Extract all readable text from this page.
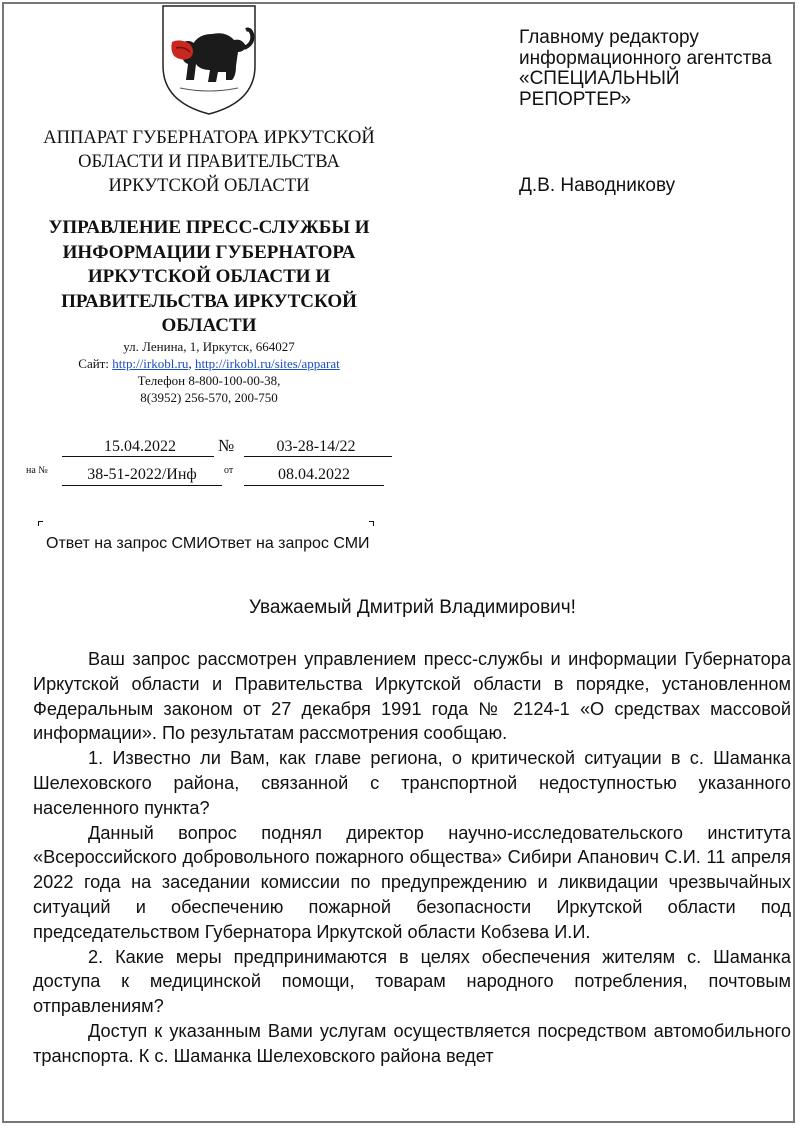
АППАРАТ ГУБЕРНАТОРА ИРКУТСКОЙ ОБЛАСТИ И ПРАВИТЕЛЬСТВА ИРКУТСКОЙ ОБЛАСТИ

УПРАВЛЕНИЕ ПРЕСС-СЛУЖБЫ И ИНФОРМАЦИИ ГУБЕРНАТОРА ИРКУТСКОЙ ОБЛАСТИ И ПРАВИТЕЛЬСТВА ИРКУТСКОЙ ОБЛАСТИ

ул. Ленина, 1, Иркутск, 664027
Сайт: http://irkobl.ru, http://irkobl.ru/sites/apparat
Телефон 8-800-100-00-38,
8(3952) 256-570, 200-750
15.04.2022	№	03-28-14/22
на №	38-51-2022/Инф	от	08.04.2022

Главному редактору информационного агентства «СПЕЦИАЛЬНЫЙ РЕПОРТЕР»

Д.В. Наводникову

Ответ на запрос СМИОтвет на запрос СМИ

Уважаемый Дмитрий Владимирович!

Ваш запрос рассмотрен управлением пресс-службы и информации Губернатора Иркутской области и Правительства Иркутской области в порядке, установленном Федеральным законом от 27 декабря 1991 года № 2124-1 «О средствах массовой информации». По результатам рассмотрения сообщаю.

1. Известно ли Вам, как главе региона, о критической ситуации в с. Шаманка Шелеховского района, связанной с транспортной недоступностью указанного населенного пункта?

Данный вопрос поднял директор научно-исследовательского института «Всероссийского добровольного пожарного общества» Сибири Апанович С.И. 11 апреля 2022 года на заседании комиссии по предупреждению и ликвидации чрезвычайных ситуаций и обеспечению пожарной безопасности Иркутской области под председательством Губернатора Иркутской области Кобзева И.И.

2. Какие меры предпринимаются в целях обеспечения жителям с. Шаманка доступа к медицинской помощи, товарам народного потребления, почтовым отправлениям?

Доступ к указанным Вами услугам осуществляется посредством автомобильного транспорта. К с. Шаманка Шелеховского района ведет
